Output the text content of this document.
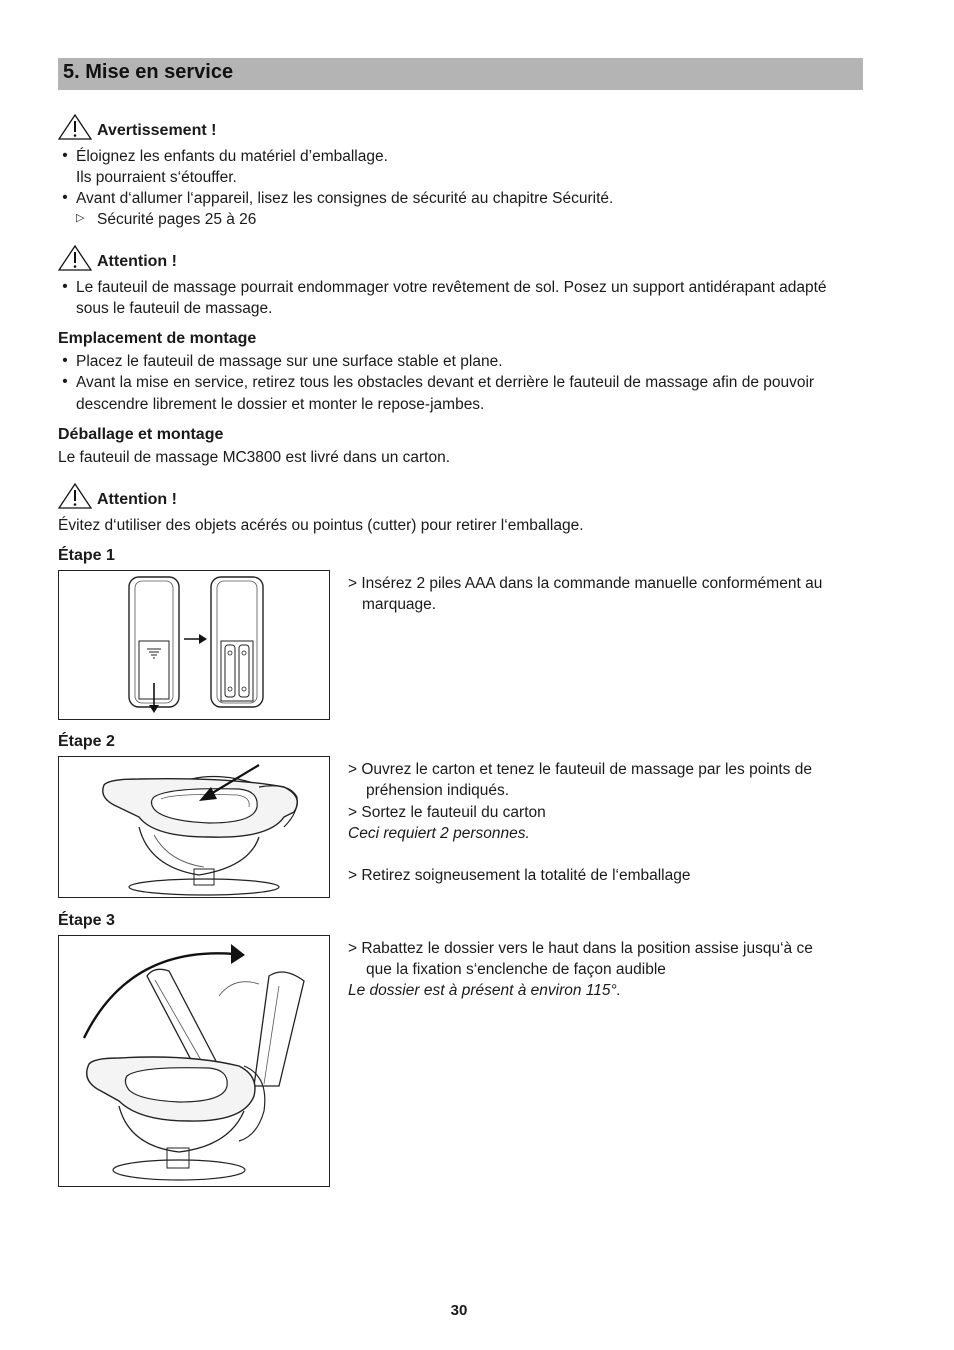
5. Mise en service
Avertissement !
• Éloignez les enfants du matériel d’emballage.
Ils pourraient s‘étouffer.
• Avant d‘allumer l‘appareil, lisez les consignes de sécurité au chapitre Sécurité.
▷ Sécurité pages 25 à 26
Attention !
• Le fauteuil de massage pourrait endommager votre revêtement de sol. Posez un support antidérapant adapté
sous le fauteuil de massage.
Emplacement de montage
• Placez le fauteuil de massage sur une surface stable et plane.
• Avant la mise en service, retirez tous les obstacles devant et derrière le fauteuil de massage afin de pouvoir
descendre librement le dossier et monter le repose-jambes.
Déballage et montage
Le fauteuil de massage MC3800 est livré dans un carton.
Attention !
Évitez d‘utiliser des objets acérés ou pointus (cutter) pour retirer l‘emballage.
Étape 1
> Insérez 2 piles AAA dans la commande manuelle conformément au
marquage.
Étape 2
> Ouvrez le carton et tenez le fauteuil de massage par les points de
préhension indiqués.
> Sortez le fauteuil du carton
Ceci requiert 2 personnes.
> Retirez soigneusement la totalité de l‘emballage
Étape 3
> Rabattez le dossier vers le haut dans la position assise jusqu‘à ce
que la fixation s‘enclenche de façon audible
Le dossier est à présent à environ 115°.
30
